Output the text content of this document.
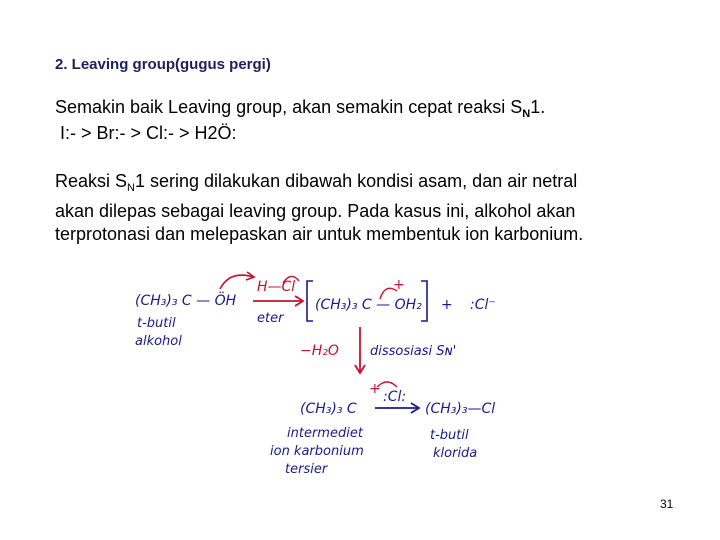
2. Leaving group(gugus pergi)
Semakin baik Leaving group, akan semakin cepat reaksi $S_N1$.
I:- > Br:- > Cl:- > H2Ö:
Reaksi $S_N1$ sering dilakukan dibawah kondisi asam, dan air netral
akan dilepas sebagai leaving group. Pada kasus ini, alkohol akan
terprotonasi dan melepaskan air untuk membentuk ion karbonium.
(CH₃)₃ C — ÖH
t-butil
alkohol
H—Cl
eter
(CH₃)₃ C — OH₂
+
+ :Cl⁻
−H₂O dissosiasi Sɴ'
+
(CH₃)₃ C
:Cl:
(CH₃)₃—Cl
intermediet
ion karbonium
tersier
t-butil
klorida
31
